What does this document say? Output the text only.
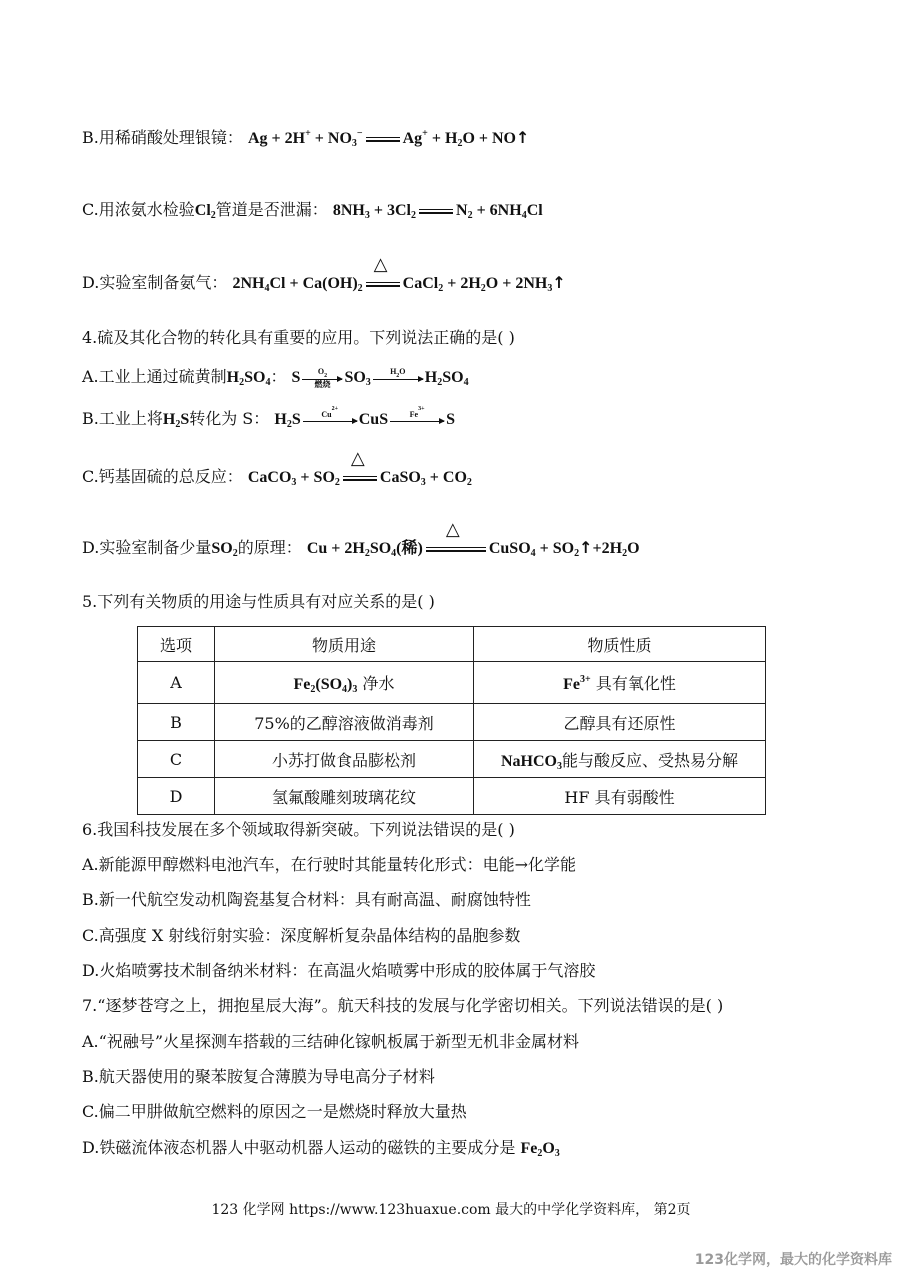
B.用稀硝酸处理银镜： $Ag + 2H^+ + NO_3^-$	$Ag^+ + H_2O$ + NO↑
C.用浓氨水检验$Cl_2$管道是否泄漏： $8NH_3 + 3Cl_2$	$N_2 + 6NH_4Cl$
D.实验室制备氨气： $2NH_4Cl + Ca(OH)_2$
△
CaCl$_2$ + $2H_2O$ + $2NH_3↑$
4.硫及其化合物的转化具有重要的应用。下列说法正确的是( )
A.工业上通过硫黄制$H_2SO_4$： S	$O_2$
燃烧 $SO_3$
$H_2O$
	$H_2SO_4$
B.工业上将$H_2S$转化为 S： $H_2S$	$Cu^{2+}$

CuS	$Fe^{3+}$

S
C.钙基固硫的总反应： CaCO$_3$ + $SO_2$
△
CaSO$_3$ + $CO_2$
D.实验室制备少量$SO_2$的原理： $Cu + 2H_2SO_4$(稀)
△
CuSO$_4$ + $SO_2↑+2H_2O$
5.下列有关物质的用途与性质具有对应关系的是( )
选项	物质用途	物质性质
A	$Fe_2(SO_4)_3$ 净水	$Fe^{3+}$ 具有氧化性
B	75%的乙醇溶液做消毒剂	乙醇具有还原性
C	小苏打做食品膨松剂	NaHCO$_3$能与酸反应、受热易分解
D	氢氟酸雕刻玻璃花纹	HF 具有弱酸性
6.我国科技发展在多个领域取得新突破。下列说法错误的是( )
A.新能源甲醇燃料电池汽车，在行驶时其能量转化形式：电能→化学能
B.新一代航空发动机陶瓷基复合材料：具有耐高温、耐腐蚀特性
C.高强度 X 射线衍射实验：深度解析复杂晶体结构的晶胞参数
D.火焰喷雾技术制备纳米材料：在高温火焰喷雾中形成的胶体属于气溶胶
7.“逐梦苍穹之上，拥抱星辰大海”。航天科技的发展与化学密切相关。下列说法错误的是( )
A.“祝融号”火星探测车搭载的三结砷化镓帆板属于新型无机非金属材料
B.航天器使用的聚苯胺复合薄膜为导电高分子材料
C.偏二甲肼做航空燃料的原因之一是燃烧时释放大量热
D.铁磁流体液态机器人中驱动机器人运动的磁铁的主要成分是 $Fe_2O_3$
123 化学网 https://www.123huaxue.com 最大的中学化学资料库， 第2页
123化学网，最大的化学资料库
